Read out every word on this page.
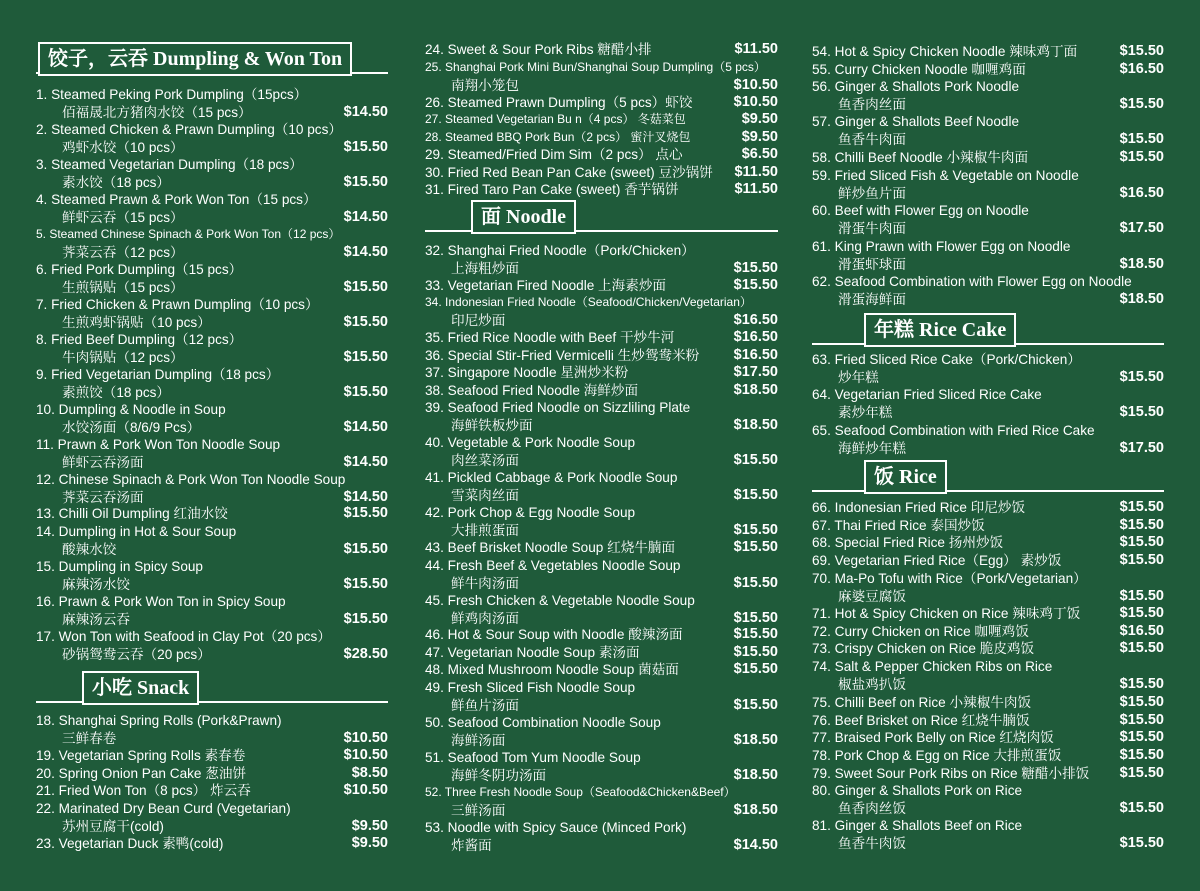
饺子，云吞 Dumpling & Won Ton
1. Steamed Peking Pork Dumpling（15pcs）
佰福晟北方猪肉水饺（15 pcs）	$14.50
2. Steamed Chicken & Prawn Dumpling（10 pcs）
鸡虾水饺（10 pcs）	$15.50
3. Steamed Vegetarian Dumpling（18 pcs）
素水饺（18 pcs）	$15.50
4. Steamed Prawn & Pork Won Ton（15 pcs）
鲜虾云吞（15 pcs）	$14.50
5. Steamed Chinese Spinach & Pork Won Ton（12 pcs）
荠菜云吞（12 pcs）	$14.50
6. Fried Pork Dumpling（15 pcs）
生煎锅贴（15 pcs）	$15.50
7. Fried Chicken & Prawn Dumpling（10 pcs）
生煎鸡虾锅贴（10 pcs）	$15.50
8. Fried Beef Dumpling（12 pcs）
牛肉锅贴（12 pcs）	$15.50
9. Fried Vegetarian Dumpling（18 pcs）
素煎饺（18 pcs）	$15.50
10. Dumpling & Noodle in Soup
水饺汤面（8/6/9 Pcs）	$14.50
11. Prawn & Pork Won Ton Noodle Soup
鲜虾云吞汤面	$14.50
12. Chinese Spinach & Pork Won Ton Noodle Soup
荠菜云吞汤面	$14.50
13. Chilli Oil Dumpling 红油水饺	$15.50
14. Dumpling in Hot & Sour Soup
酸辣水饺	$15.50
15. Dumpling in Spicy Soup
麻辣汤水饺	$15.50
16. Prawn & Pork Won Ton in Spicy Soup
麻辣汤云吞	$15.50
17. Won Ton with Seafood in Clay Pot（20 pcs）
砂锅鸳鸯云吞（20 pcs）	$28.50
小吃 Snack
18. Shanghai Spring Rolls (Pork&Prawn)
三鲜春卷	$10.50
19. Vegetarian Spring Rolls 素春卷	$10.50
20. Spring Onion Pan Cake 葱油饼	$8.50
21. Fried Won Ton（8 pcs） 炸云吞	$10.50
22. Marinated Dry Bean Curd (Vegetarian)
苏州豆腐干(cold)	$9.50
23. Vegetarian Duck 素鸭(cold)	$9.50
24. Sweet & Sour Pork Ribs 糖醋小排	$11.50
25. Shanghai Pork Mini Bun/Shanghai Soup Dumpling（5 pcs）
南翔小笼包	$10.50
26. Steamed Prawn Dumpling（5 pcs）虾饺	$10.50
27. Steamed Vegetarian Bu n（4 pcs） 冬菇菜包	$9.50
28. Steamed BBQ Pork Bun（2 pcs） 蜜汁叉烧包	$9.50
29. Steamed/Fried Dim Sim（2 pcs） 点心	$6.50
30. Fried Red Bean Pan Cake (sweet) 豆沙锅饼	$11.50
31. Fired Taro Pan Cake (sweet) 香芋锅饼	$11.50
面 Noodle
32. Shanghai Fried Noodle（Pork/Chicken）
上海粗炒面	$15.50
33. Vegetarian Fired Noodle 上海素炒面	$15.50
34. Indonesian Fried Noodle（Seafood/Chicken/Vegetarian）
印尼炒面	$16.50
35. Fried Rice Noodle with Beef 干炒牛河	$16.50
36. Special Stir-Fried Vermicelli 生炒鸳鸯米粉	$16.50
37. Singapore Noodle 星洲炒米粉	$17.50
38. Seafood Fried Noodle 海鲜炒面	$18.50
39. Seafood Fried Noodle on Sizzliling Plate
海鲜铁板炒面	$18.50
40. Vegetable & Pork Noodle Soup
肉丝菜汤面	$15.50
41. Pickled Cabbage & Pork Noodle Soup
雪菜肉丝面	$15.50
42. Pork Chop & Egg Noodle Soup
大排煎蛋面	$15.50
43. Beef Brisket Noodle Soup 红烧牛腩面	$15.50
44. Fresh Beef & Vegetables Noodle Soup
鲜牛肉汤面	$15.50
45. Fresh Chicken & Vegetable Noodle Soup
鲜鸡肉汤面	$15.50
46. Hot & Sour Soup with Noodle 酸辣汤面	$15.50
47. Vegetarian Noodle Soup 素汤面	$15.50
48. Mixed Mushroom Noodle Soup 菌菇面	$15.50
49. Fresh Sliced Fish Noodle Soup
鲜鱼片汤面	$15.50
50. Seafood Combination Noodle Soup
海鲜汤面	$18.50
51. Seafood Tom Yum Noodle Soup
海鲜冬阴功汤面	$18.50
52. Three Fresh Noodle Soup（Seafood&Chicken&Beef）
三鲜汤面	$18.50
53. Noodle with Spicy Sauce (Minced Pork)
炸酱面	$14.50
54. Hot & Spicy Chicken Noodle 辣味鸡丁面	$15.50
55. Curry Chicken Noodle 咖喱鸡面	$16.50
56. Ginger & Shallots Pork Noodle
鱼香肉丝面	$15.50
57. Ginger & Shallots Beef Noodle
鱼香牛肉面	$15.50
58. Chilli Beef Noodle 小辣椒牛肉面	$15.50
59. Fried Sliced Fish & Vegetable on Noodle
鲜炒鱼片面	$16.50
60. Beef with Flower Egg on Noodle
滑蛋牛肉面	$17.50
61. King Prawn with Flower Egg on Noodle
滑蛋虾球面	$18.50
62. Seafood Combination with Flower Egg on Noodle
滑蛋海鲜面	$18.50
年糕 Rice Cake
63. Fried Sliced Rice Cake（Pork/Chicken）
炒年糕	$15.50
64. Vegetarian Fried Sliced Rice Cake
素炒年糕	$15.50
65. Seafood Combination with Fried Rice Cake
海鲜炒年糕	$17.50
饭 Rice
66. Indonesian Fried Rice 印尼炒饭	$15.50
67. Thai Fried Rice 泰国炒饭	$15.50
68. Special Fried Rice 扬州炒饭	$15.50
69. Vegetarian Fried Rice（Egg） 素炒饭	$15.50
70. Ma-Po Tofu with Rice（Pork/Vegetarian）
麻婆豆腐饭	$15.50
71. Hot & Spicy Chicken on Rice 辣味鸡丁饭	$15.50
72. Curry Chicken on Rice 咖喱鸡饭	$16.50
73. Crispy Chicken on Rice 脆皮鸡饭	$15.50
74. Salt & Pepper Chicken Ribs on Rice
椒盐鸡扒饭	$15.50
75. Chilli Beef on Rice 小辣椒牛肉饭	$15.50
76. Beef Brisket on Rice 红烧牛腩饭	$15.50
77. Braised Pork Belly on Rice 红烧肉饭	$15.50
78. Pork Chop & Egg on Rice 大排煎蛋饭	$15.50
79. Sweet Sour Pork Ribs on Rice 糖醋小排饭	$15.50
80. Ginger & Shallots Pork on Rice
鱼香肉丝饭	$15.50
81. Ginger & Shallots Beef on Rice
鱼香牛肉饭	$15.50
